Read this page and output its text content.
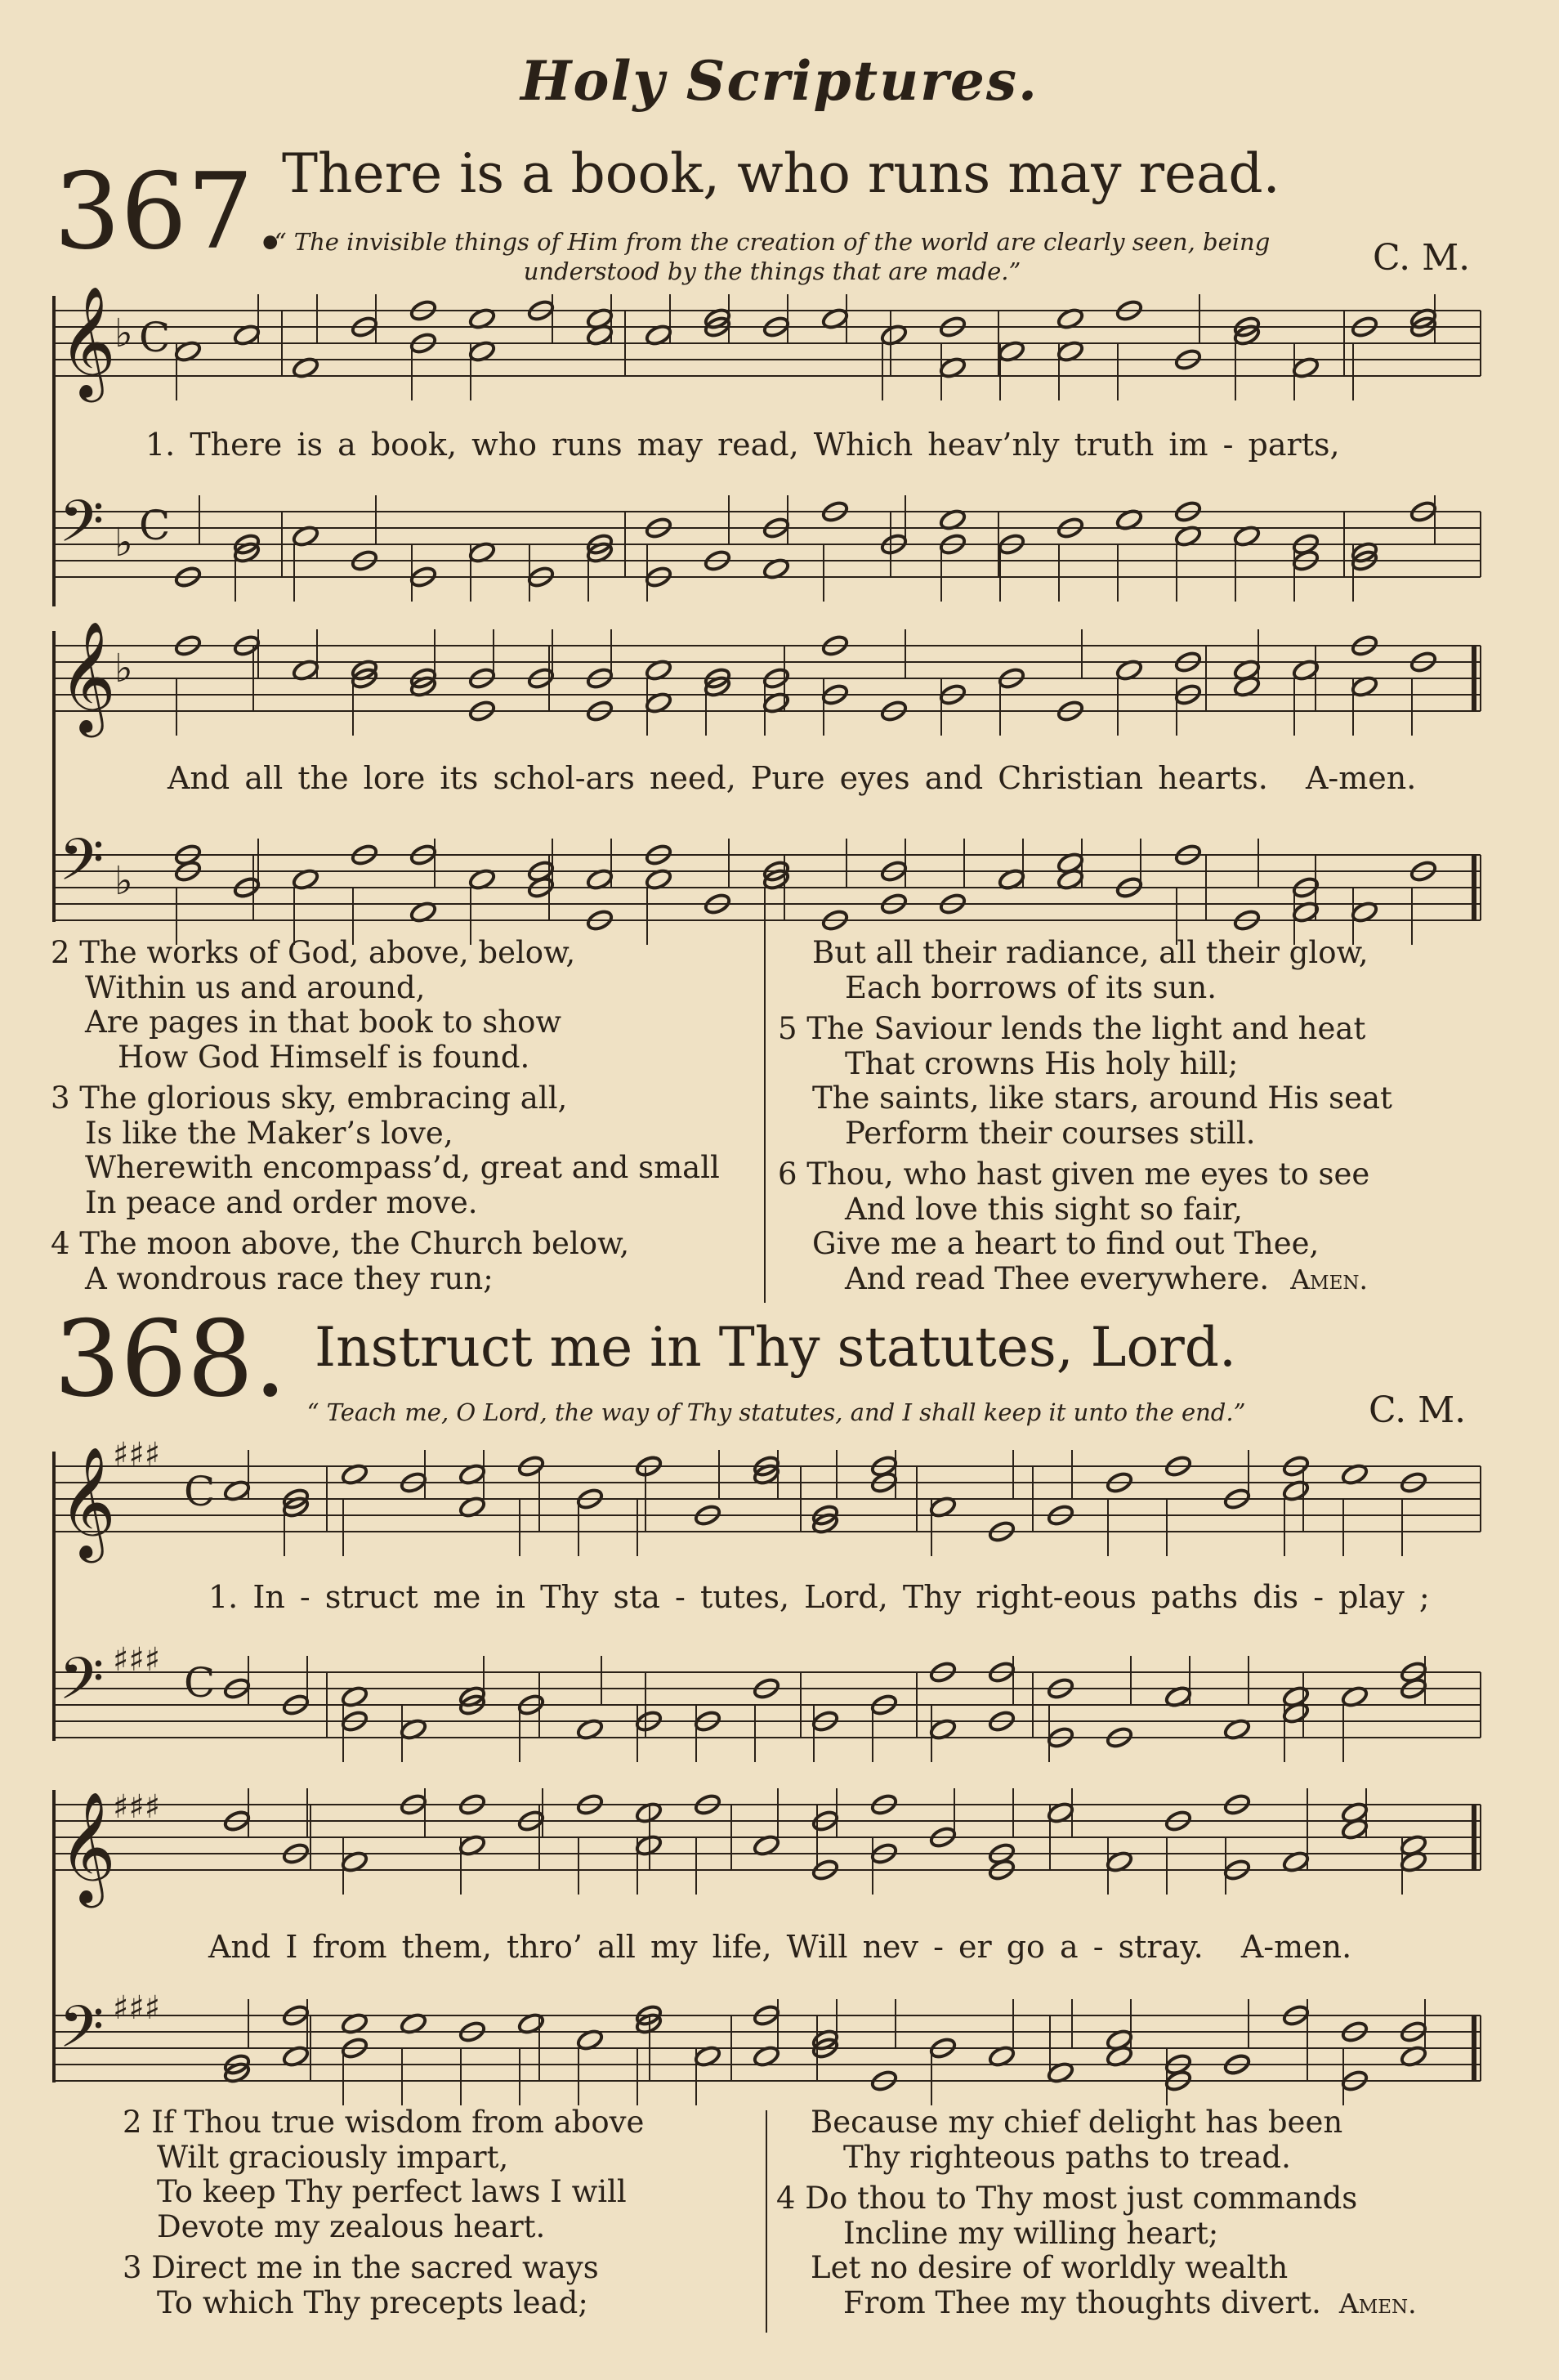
Holy Scriptures.
367.
There is a book, who runs may read.
“ The invisible things of Him from the creation of the world are clearly seen, being
understood by the things that are made.”	C. M.
𝄞
♭ C
𝄢 ♭ C
𝄞
♭
𝄢 ♭
1. There is a book, who runs may read, Which heav’nly truth im - parts,
And all the lore its schol-ars need, Pure eyes and Christian hearts. A-men.
2 The works of God, above, below,
Within us and around,
Are pages in that book to show
How God Himself is found.
3 The glorious sky, embracing all,
Is like the Maker’s love,
Wherewith encompass’d, great and small
In peace and order move.
4 The moon above, the Church below,
A wondrous race they run;
But all their radiance, all their glow,
Each borrows of its sun.
5 The Saviour lends the light and heat
That crowns His holy hill;
The saints, like stars, around His seat
Perform their courses still.
6 Thou, who hast given me eyes to see
And love this sight so fair,
Give me a heart to find out Thee,
And read Thee everywhere. Amen.
368. Instruct me in Thy statutes, Lord.
“ Teach me, O Lord, the way of Thy statutes, and I shall keep it unto the end.”	C. M.
𝄞
♯♯♯
C
𝄢 ♯♯♯ C
𝄞
♯♯♯
𝄢 ♯♯♯
1. In - struct me in Thy sta - tutes, Lord, Thy right-eous paths dis - play ;
And I from them, thro’ all my life, Will nev - er go a - stray. A-men.
2 If Thou true wisdom from above
Wilt graciously impart,
To keep Thy perfect laws I will
Devote my zealous heart.
3 Direct me in the sacred ways
To which Thy precepts lead;
Because my chief delight has been
Thy righteous paths to tread.
4 Do thou to Thy most just commands
Incline my willing heart;
Let no desire of worldly wealth
From Thee my thoughts divert. Amen.
